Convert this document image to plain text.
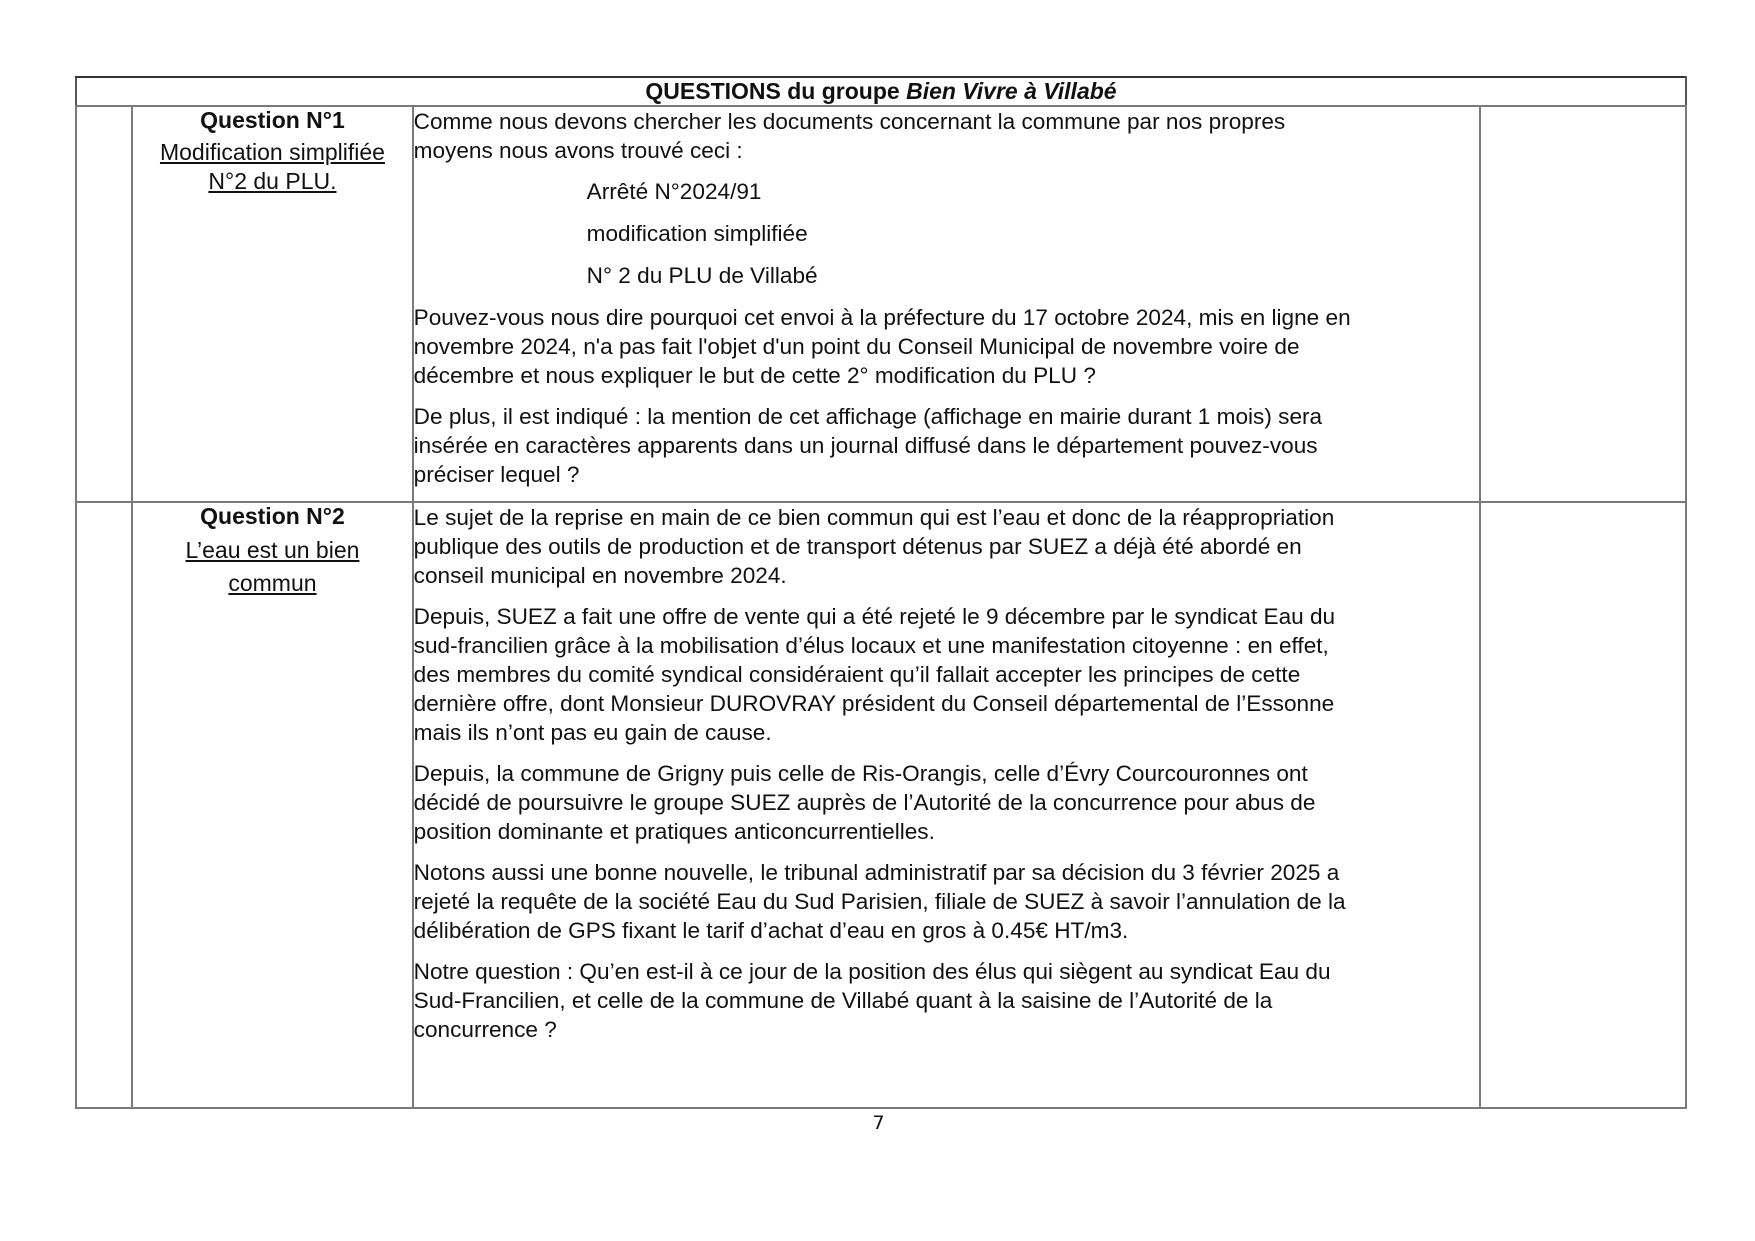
QUESTIONS du groupe Bien Vivre à Villabé			

Question N°1
Modification simplifiée
N°2 du PLU.

Comme nous devons chercher les documents concernant la commune par nos propres
moyens nous avons trouvé ceci :
Arrêté N°2024/91
modification simplifiée
N° 2 du PLU de Villabé
Pouvez-vous nous dire pourquoi cet envoi à la préfecture du 17 octobre 2024, mis en ligne en
novembre 2024, n'a pas fait l'objet d'un point du Conseil Municipal de novembre voire de
décembre et nous expliquer le but de cette 2° modification du PLU ?
De plus, il est indiqué : la mention de cet affichage (affichage en mairie durant 1 mois) sera
insérée en caractères apparents dans un journal diffusé dans le département pouvez-vous
préciser lequel ?

Question N°2
L’eau est un bien
commun

Le sujet de la reprise en main de ce bien commun qui est l’eau et donc de la réappropriation
publique des outils de production et de transport détenus par SUEZ a déjà été abordé en
conseil municipal en novembre 2024.
Depuis, SUEZ a fait une offre de vente qui a été rejeté le 9 décembre par le syndicat Eau du
sud-francilien grâce à la mobilisation d’élus locaux et une manifestation citoyenne : en effet,
des membres du comité syndical considéraient qu’il fallait accepter les principes de cette
dernière offre, dont Monsieur DUROVRAY président du Conseil départemental de l’Essonne
mais ils n’ont pas eu gain de cause.
Depuis, la commune de Grigny puis celle de Ris-Orangis, celle d’Évry Courcouronnes ont
décidé de poursuivre le groupe SUEZ auprès de l’Autorité de la concurrence pour abus de
position dominante et pratiques anticoncurrentielles.
Notons aussi une bonne nouvelle, le tribunal administratif par sa décision du 3 février 2025 a
rejeté la requête de la société Eau du Sud Parisien, filiale de SUEZ à savoir l’annulation de la
délibération de GPS fixant le tarif d’achat d’eau en gros à 0.45€ HT/m3.
Notre question : Qu’en est-il à ce jour de la position des élus qui siègent au syndicat Eau du
Sud-Francilien, et celle de la commune de Villabé quant à la saisine de l’Autorité de la
concurrence ?

7
